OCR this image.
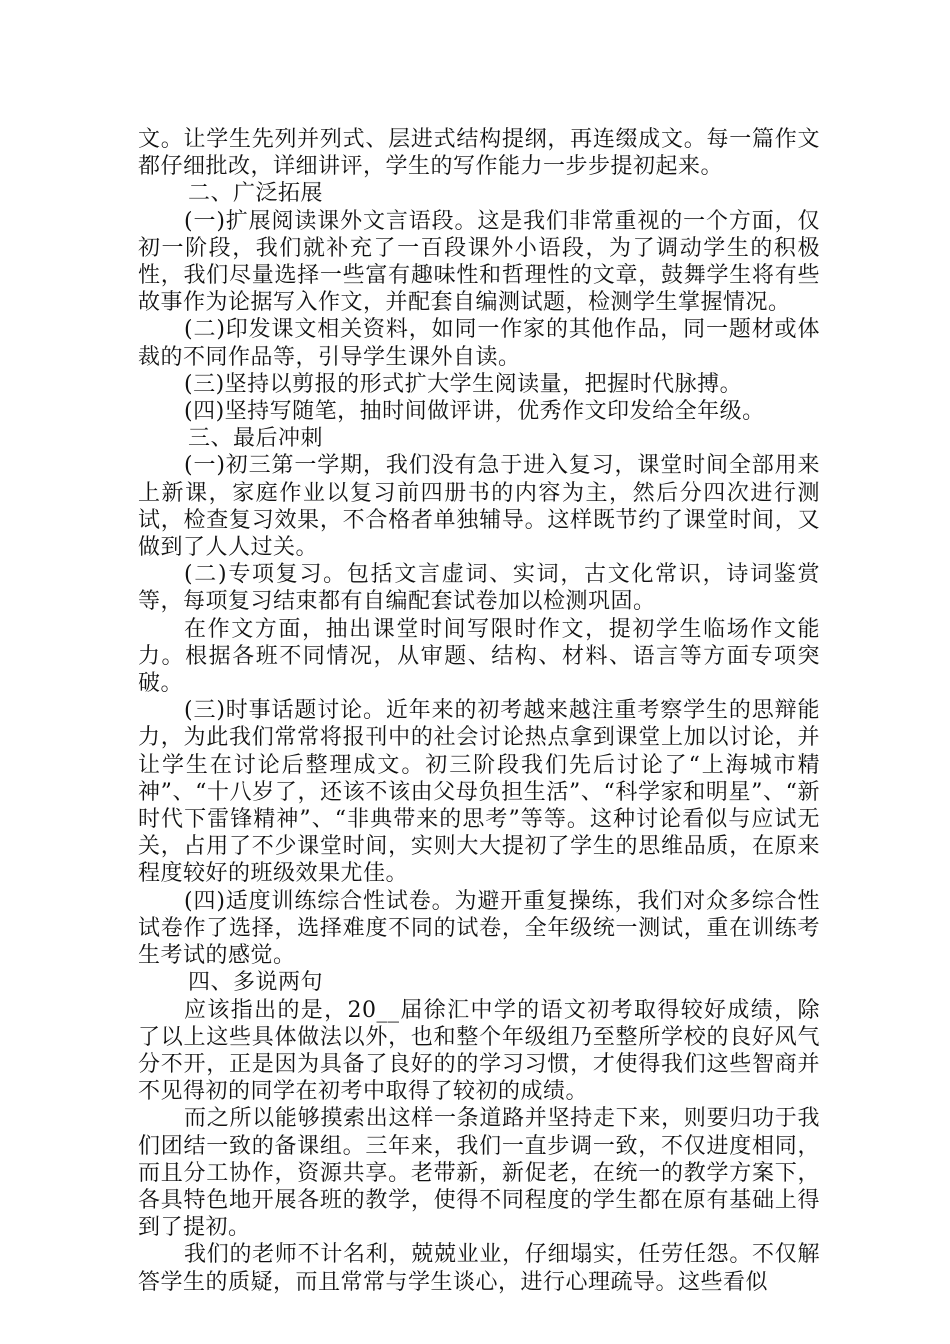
文。让学生先列并列式、层进式结构提纲，再连缀成文。每一篇作文都仔细批改，详细讲评，学生的写作能力一步步提初起来。

二、广泛拓展

(一)扩展阅读课外文言语段。这是我们非常重视的一个方面，仅初一阶段，我们就补充了一百段课外小语段，为了调动学生的积极性，我们尽量选择一些富有趣味性和哲理性的文章，鼓舞学生将有些故事作为论据写入作文，并配套自编测试题，检测学生掌握情况。

(二)印发课文相关资料，如同一作家的其他作品，同一题材或体裁的不同作品等，引导学生课外自读。

(三)坚持以剪报的形式扩大学生阅读量，把握时代脉搏。

(四)坚持写随笔，抽时间做评讲，优秀作文印发给全年级。

三、最后冲刺

(一)初三第一学期，我们没有急于进入复习，课堂时间全部用来上新课，家庭作业以复习前四册书的内容为主，然后分四次进行测试，检查复习效果，不合格者单独辅导。这样既节约了课堂时间，又做到了人人过关。

(二)专项复习。包括文言虚词、实词，古文化常识，诗词鉴赏等，每项复习结束都有自编配套试卷加以检测巩固。

在作文方面，抽出课堂时间写限时作文，提初学生临场作文能力。根据各班不同情况，从审题、结构、材料、语言等方面专项突破。

(三)时事话题讨论。近年来的初考越来越注重考察学生的思辩能力，为此我们常常将报刊中的社会讨论热点拿到课堂上加以讨论，并让学生在讨论后整理成文。初三阶段我们先后讨论了“上海城市精神”、“十八岁了，还该不该由父母负担生活”、“科学家和明星”、“新时代下雷锋精神”、“非典带来的思考”等等。这种讨论看似与应试无关，占用了不少课堂时间，实则大大提初了学生的思维品质，在原来程度较好的班级效果尤佳。

(四)适度训练综合性试卷。为避开重复操练，我们对众多综合性试卷作了选择，选择难度不同的试卷，全年级统一测试，重在训练考生考试的感觉。

四、多说两句

应该指出的是，20__届徐汇中学的语文初考取得较好成绩，除了以上这些具体做法以外，也和整个年级组乃至整所学校的良好风气分不开，正是因为具备了良好的的学习习惯，才使得我们这些智商并不见得初的同学在初考中取得了较初的成绩。

而之所以能够摸索出这样一条道路并坚持走下来，则要归功于我们团结一致的备课组。三年来，我们一直步调一致，不仅进度相同，而且分工协作，资源共享。老带新，新促老，在统一的教学方案下，各具特色地开展各班的教学，使得不同程度的学生都在原有基础上得到了提初。

我们的老师不计名利，兢兢业业，仔细塌实，任劳任怨。不仅解答学生的质疑，而且常常与学生谈心，进行心理疏导。这些看似
